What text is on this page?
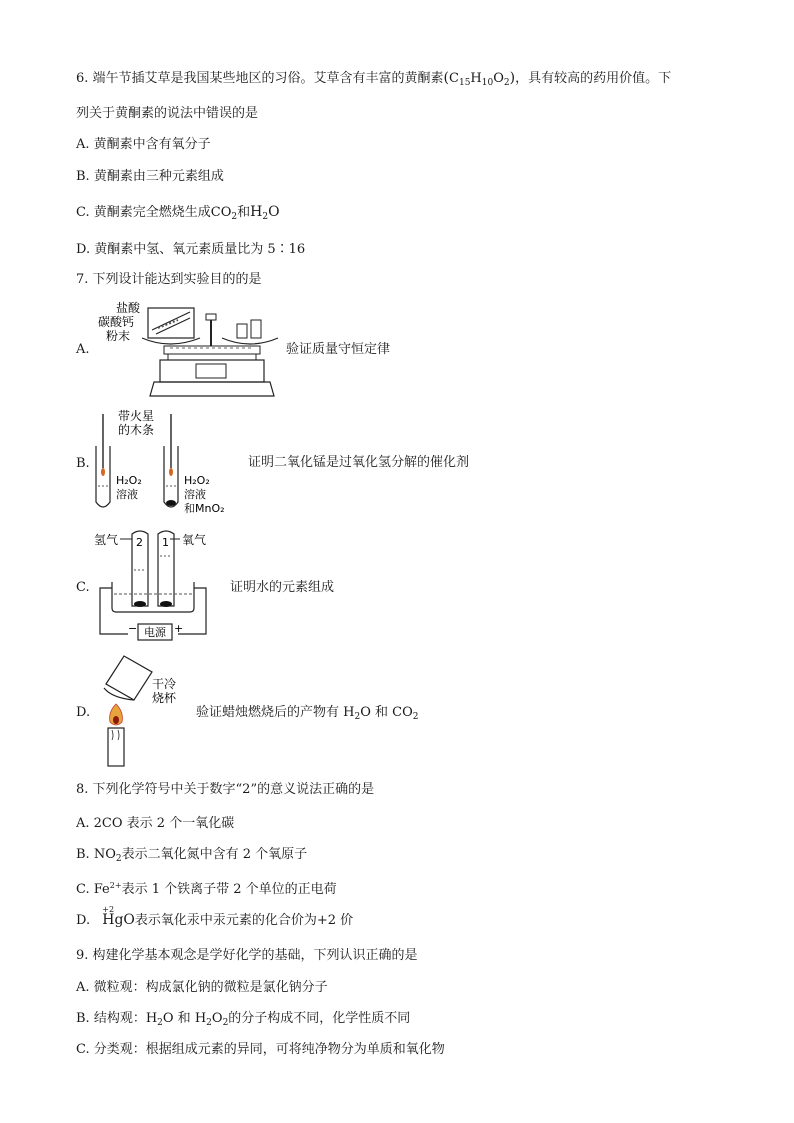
6. 端午节插艾草是我国某些地区的习俗。艾草含有丰富的黄酮素$(C_{15}H_{10}O_2)$，具有较高的药用价值。下
列关于黄酮素的说法中错误的是
A. 黄酮素中含有氧分子
B. 黄酮素由三种元素组成
C. 黄酮素完全燃烧生成$CO_2$和$H_2O$
D. 黄酮素中氢、氧元素质量比为 5∶16
7. 下列设计能达到实验目的的是
A.
盐酸
碳酸钙
粉末
验证质量守恒定律
B.
带火星
的木条
H₂O₂
溶液
H₂O₂
溶液
和MnO₂
证明二氧化锰是过氧化氢分解的催化剂
C.
氢气	氧气
2 1
电源
−	+
证明水的元素组成
D.
干冷
烧杯
验证蜡烛燃烧后的产物有 $H_2O$ 和 $CO_2$
8. 下列化学符号中关于数字“2”的意义说法正确的是
A. 2CO 表示 2 个一氧化碳
B. $NO_2$表示二氧化氮中含有 2 个氧原子
C. $Fe^{2+}$表示 1 个铁离子带 2 个单位的正电荷
D.
+2
HgO表示氧化汞中汞元素的化合价为+2 价
9. 构建化学基本观念是学好化学的基础，下列认识正确的是
A. 微粒观：构成氯化钠的微粒是氯化钠分子
B. 结构观：$H_2O$ 和 $H_2O_2$的分子构成不同，化学性质不同
C. 分类观：根据组成元素的异同，可将纯净物分为单质和氧化物
